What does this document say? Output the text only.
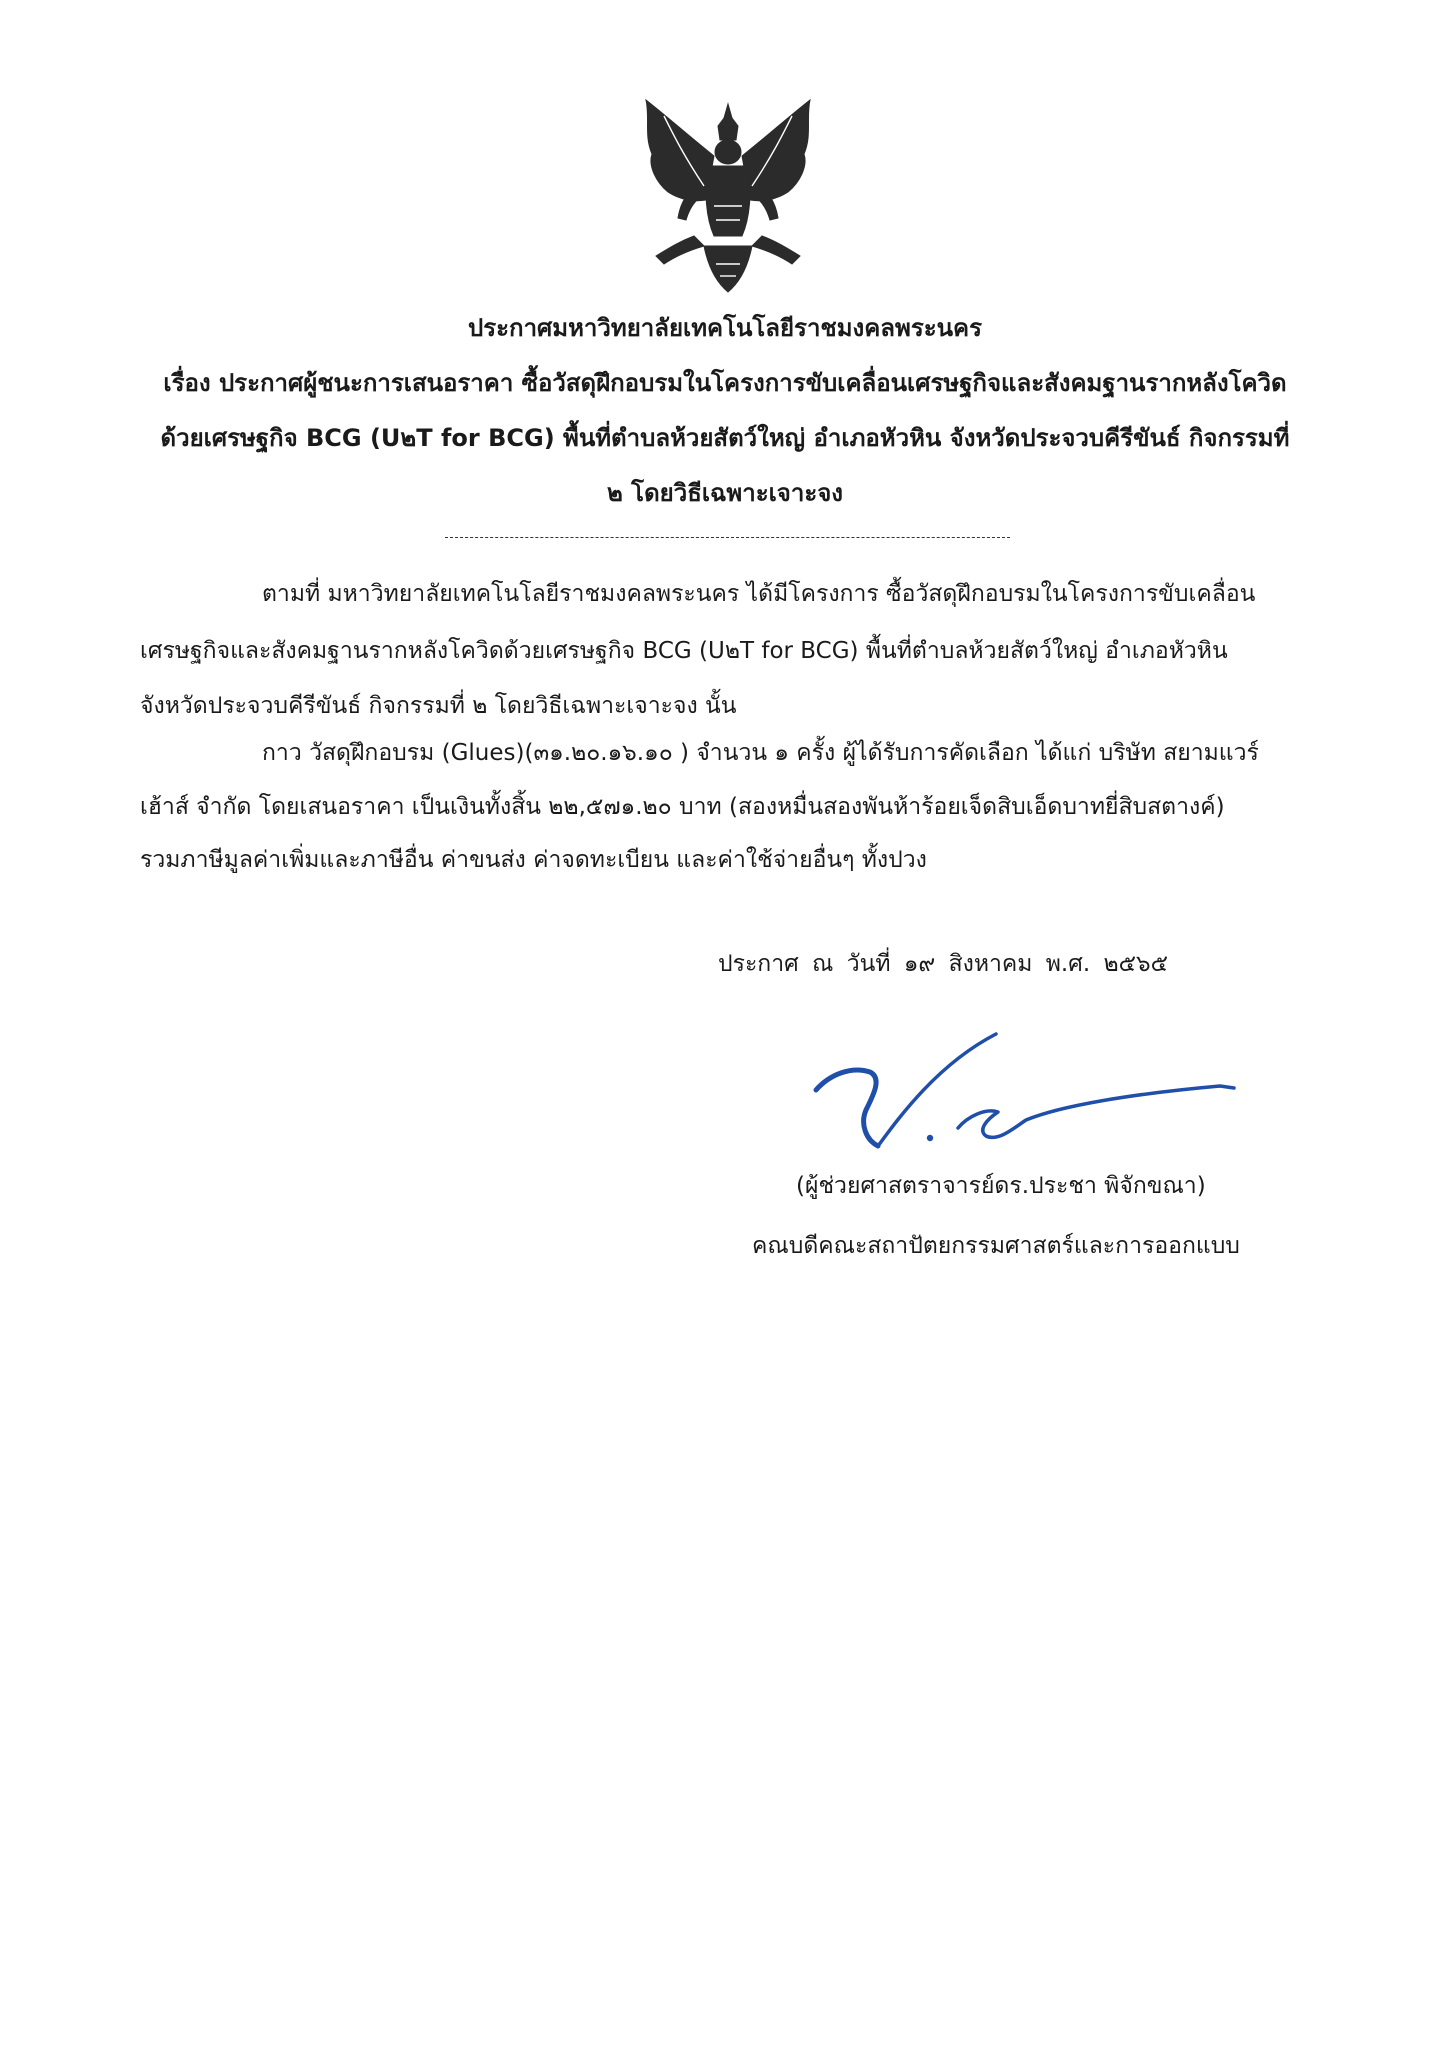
ประกาศมหาวิทยาลัยเทคโนโลยีราชมงคลพระนคร
เรื่อง ประกาศผู้ชนะการเสนอราคา ซื้อวัสดุฝึกอบรมในโครงการขับเคลื่อนเศรษฐกิจและสังคมฐานรากหลังโควิด
ด้วยเศรษฐกิจ BCG (U๒T for BCG) พื้นที่ตำบลห้วยสัตว์ใหญ่ อำเภอหัวหิน จังหวัดประจวบคีรีขันธ์ กิจกรรมที่
๒ โดยวิธีเฉพาะเจาะจง
ตามที่ มหาวิทยาลัยเทคโนโลยีราชมงคลพระนคร ได้มีโครงการ ซื้อวัสดุฝึกอบรมในโครงการขับเคลื่อน
เศรษฐกิจและสังคมฐานรากหลังโควิดด้วยเศรษฐกิจ BCG (U๒T for BCG) พื้นที่ตำบลห้วยสัตว์ใหญ่ อำเภอหัวหิน
จังหวัดประจวบคีรีขันธ์ กิจกรรมที่ ๒ โดยวิธีเฉพาะเจาะจง นั้น
กาว วัสดุฝึกอบรม (Glues)(๓๑.๒๐.๑๖.๑๐ ) จำนวน ๑ ครั้ง ผู้ได้รับการคัดเลือก ได้แก่ บริษัท สยามแวร์
เฮ้าส์ จำกัด โดยเสนอราคา เป็นเงินทั้งสิ้น ๒๒,๕๗๑.๒๐ บาท (สองหมื่นสองพันห้าร้อยเจ็ดสิบเอ็ดบาทยี่สิบสตางค์)
รวมภาษีมูลค่าเพิ่มและภาษีอื่น ค่าขนส่ง ค่าจดทะเบียน และค่าใช้จ่ายอื่นๆ ทั้งปวง
ประกาศ ณ วันที่ ๑๙ สิงหาคม พ.ศ. ๒๕๖๕
(ผู้ช่วยศาสตราจารย์ดร.ประชา พิจักขณา)
คณบดีคณะสถาปัตยกรรมศาสตร์และการออกแบบ
